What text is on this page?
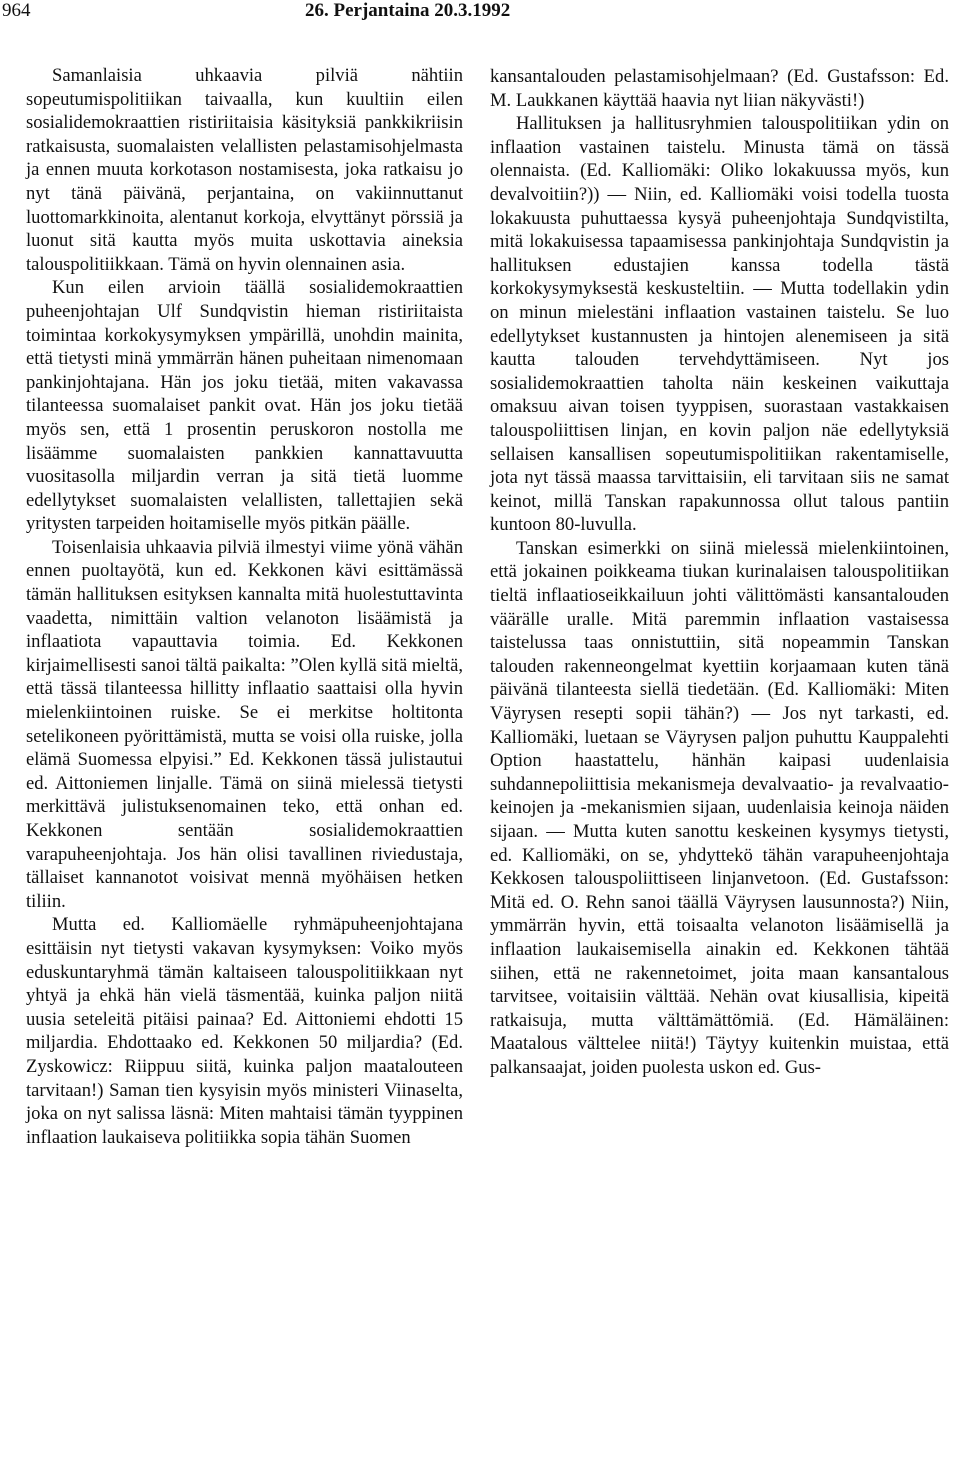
964	26. Perjantaina 20.3.1992

Samanlaisia uhkaavia pilviä nähtiin sopeutumispolitiikan taivaalla, kun kuultiin eilen sosialidemokraattien ristiriitaisia käsityksiä pankkikriisin ratkaisusta, suomalaisten velallisten pelastamisohjelmasta ja ennen muuta korkotason nostamisesta, joka ratkaisu jo nyt tänä päivänä, perjantaina, on vakiinnuttanut luottomarkkinoita, alentanut korkoja, elvyttänyt pörssiä ja luonut sitä kautta myös muita uskottavia aineksia talouspolitiikkaan. Tämä on hyvin olennainen asia.

Kun eilen arvioin täällä sosialidemokraattien puheenjohtajan Ulf Sundqvistin hieman ristiriitaista toimintaa korkokysymyksen ympärillä, unohdin mainita, että tietysti minä ymmärrän hänen puheitaan nimenomaan pankinjohtajana. Hän jos joku tietää, miten vakavassa tilanteessa suomalaiset pankit ovat. Hän jos joku tietää myös sen, että 1 prosentin peruskoron nostolla me lisäämme suomalaisten pankkien kannattavuutta vuositasolla miljardin verran ja sitä tietä luomme edellytykset suomalaisten velallisten, tallettajien sekä yritysten tarpeiden hoitamiselle myös pitkän päälle.

Toisenlaisia uhkaavia pilviä ilmestyi viime yönä vähän ennen puoltayötä, kun ed. Kekkonen kävi esittämässä tämän hallituksen esityksen kannalta mitä huolestuttavinta vaadetta, nimittäin valtion velanoton lisäämistä ja inflaatiota vapauttavia toimia. Ed. Kekkonen kirjaimellisesti sanoi tältä paikalta: ”Olen kyllä sitä mieltä, että tässä tilanteessa hillitty inflaatio saattaisi olla hyvin mielenkiintoinen ruiske. Se ei merkitse holtitonta setelikoneen pyörittämistä, mutta se voisi olla ruiske, jolla elämä Suomessa elpyisi.” Ed. Kekkonen tässä julistautui ed. Aittoniemen linjalle. Tämä on siinä mielessä tietysti merkittävä julistuksenomainen teko, että onhan ed. Kekkonen sentään sosialidemokraattien varapuheenjohtaja. Jos hän olisi tavallinen riviedustaja, tällaiset kannanotot voisivat mennä myöhäisen hetken tiliin.

Mutta ed. Kalliomäelle ryhmäpuheenjohtajana esittäisin nyt tietysti vakavan kysymyksen: Voiko myös eduskuntaryhmä tämän kaltaiseen talouspolitiikkaan nyt yhtyä ja ehkä hän vielä täsmentää, kuinka paljon niitä uusia seteleitä pitäisi painaa? Ed. Aittoniemi ehdotti 15 miljardia. Ehdottaako ed. Kekkonen 50 miljardia? (Ed. Zyskowicz: Riippuu siitä, kuinka paljon maatalouteen tarvitaan!) Saman tien kysyisin myös ministeri Viinaselta, joka on nyt salissa läsnä: Miten mahtaisi tämän tyyppinen inflaation laukaiseva politiikka sopia tähän Suomen

kansantalouden pelastamisohjelmaan? (Ed. Gustafsson: Ed. M. Laukkanen käyttää haavia nyt liian näkyvästi!)

Hallituksen ja hallitusryhmien talouspolitiikan ydin on inflaation vastainen taistelu. Minusta tämä on tässä olennaista. (Ed. Kalliomäki: Oliko lokakuussa myös, kun devalvoitiin?)) — Niin, ed. Kalliomäki voisi todella tuosta lokakuusta puhuttaessa kysyä puheenjohtaja Sundqvistilta, mitä lokakuisessa tapaamisessa pankinjohtaja Sundqvistin ja hallituksen edustajien kanssa todella tästä korkokysymyksestä keskusteltiin. — Mutta todellakin ydin on minun mielestäni inflaation vastainen taistelu. Se luo edellytykset kustannusten ja hintojen alenemiseen ja sitä kautta talouden tervehdyttämiseen. Nyt jos sosialidemokraattien taholta näin keskeinen vaikuttaja omaksuu aivan toisen tyyppisen, suorastaan vastakkaisen talouspoliittisen linjan, en kovin paljon näe edellytyksiä sellaisen kansallisen sopeutumispolitiikan rakentamiselle, jota nyt tässä maassa tarvittaisiin, eli tarvitaan siis ne samat keinot, millä Tanskan rapakunnossa ollut talous pantiin kuntoon 80-luvulla.

Tanskan esimerkki on siinä mielessä mielenkiintoinen, että jokainen poikkeama tiukan kurinalaisen talouspolitiikan tieltä inflaatioseikkailuun johti välittömästi kansantalouden väärälle uralle. Mitä paremmin inflaation vastaisessa taistelussa taas onnistuttiin, sitä nopeammin Tanskan talouden rakenneongelmat kyettiin korjaamaan kuten tänä päivänä tilanteesta siellä tiedetään. (Ed. Kalliomäki: Miten Väyrysen resepti sopii tähän?) — Jos nyt tarkasti, ed. Kalliomäki, luetaan se Väyrysen paljon puhuttu Kauppalehti Option haastattelu, hänhän kaipasi uudenlaisia suhdannepoliittisia mekanismeja devalvaatio- ja revalvaatio-keinojen ja -mekanismien sijaan, uudenlaisia keinoja näiden sijaan. — Mutta kuten sanottu keskeinen kysymys tietysti, ed. Kalliomäki, on se, yhdyttekö tähän varapuheenjohtaja Kekkosen talouspoliittiseen linjanvetoon. (Ed. Gustafsson: Mitä ed. O. Rehn sanoi täällä Väyrysen lausunnosta?) Niin, ymmärrän hyvin, että toisaalta velanoton lisäämisellä ja inflaation laukaisemisella ainakin ed. Kekkonen tähtää siihen, että ne rakennetoimet, joita maan kansantalous tarvitsee, voitaisiin välttää. Nehän ovat kiusallisia, kipeitä ratkaisuja, mutta välttämättömiä. (Ed. Hämäläinen: Maatalous välttelee niitä!) Täytyy kuitenkin muistaa, että palkansaajat, joiden puolesta uskon ed. Gus-
